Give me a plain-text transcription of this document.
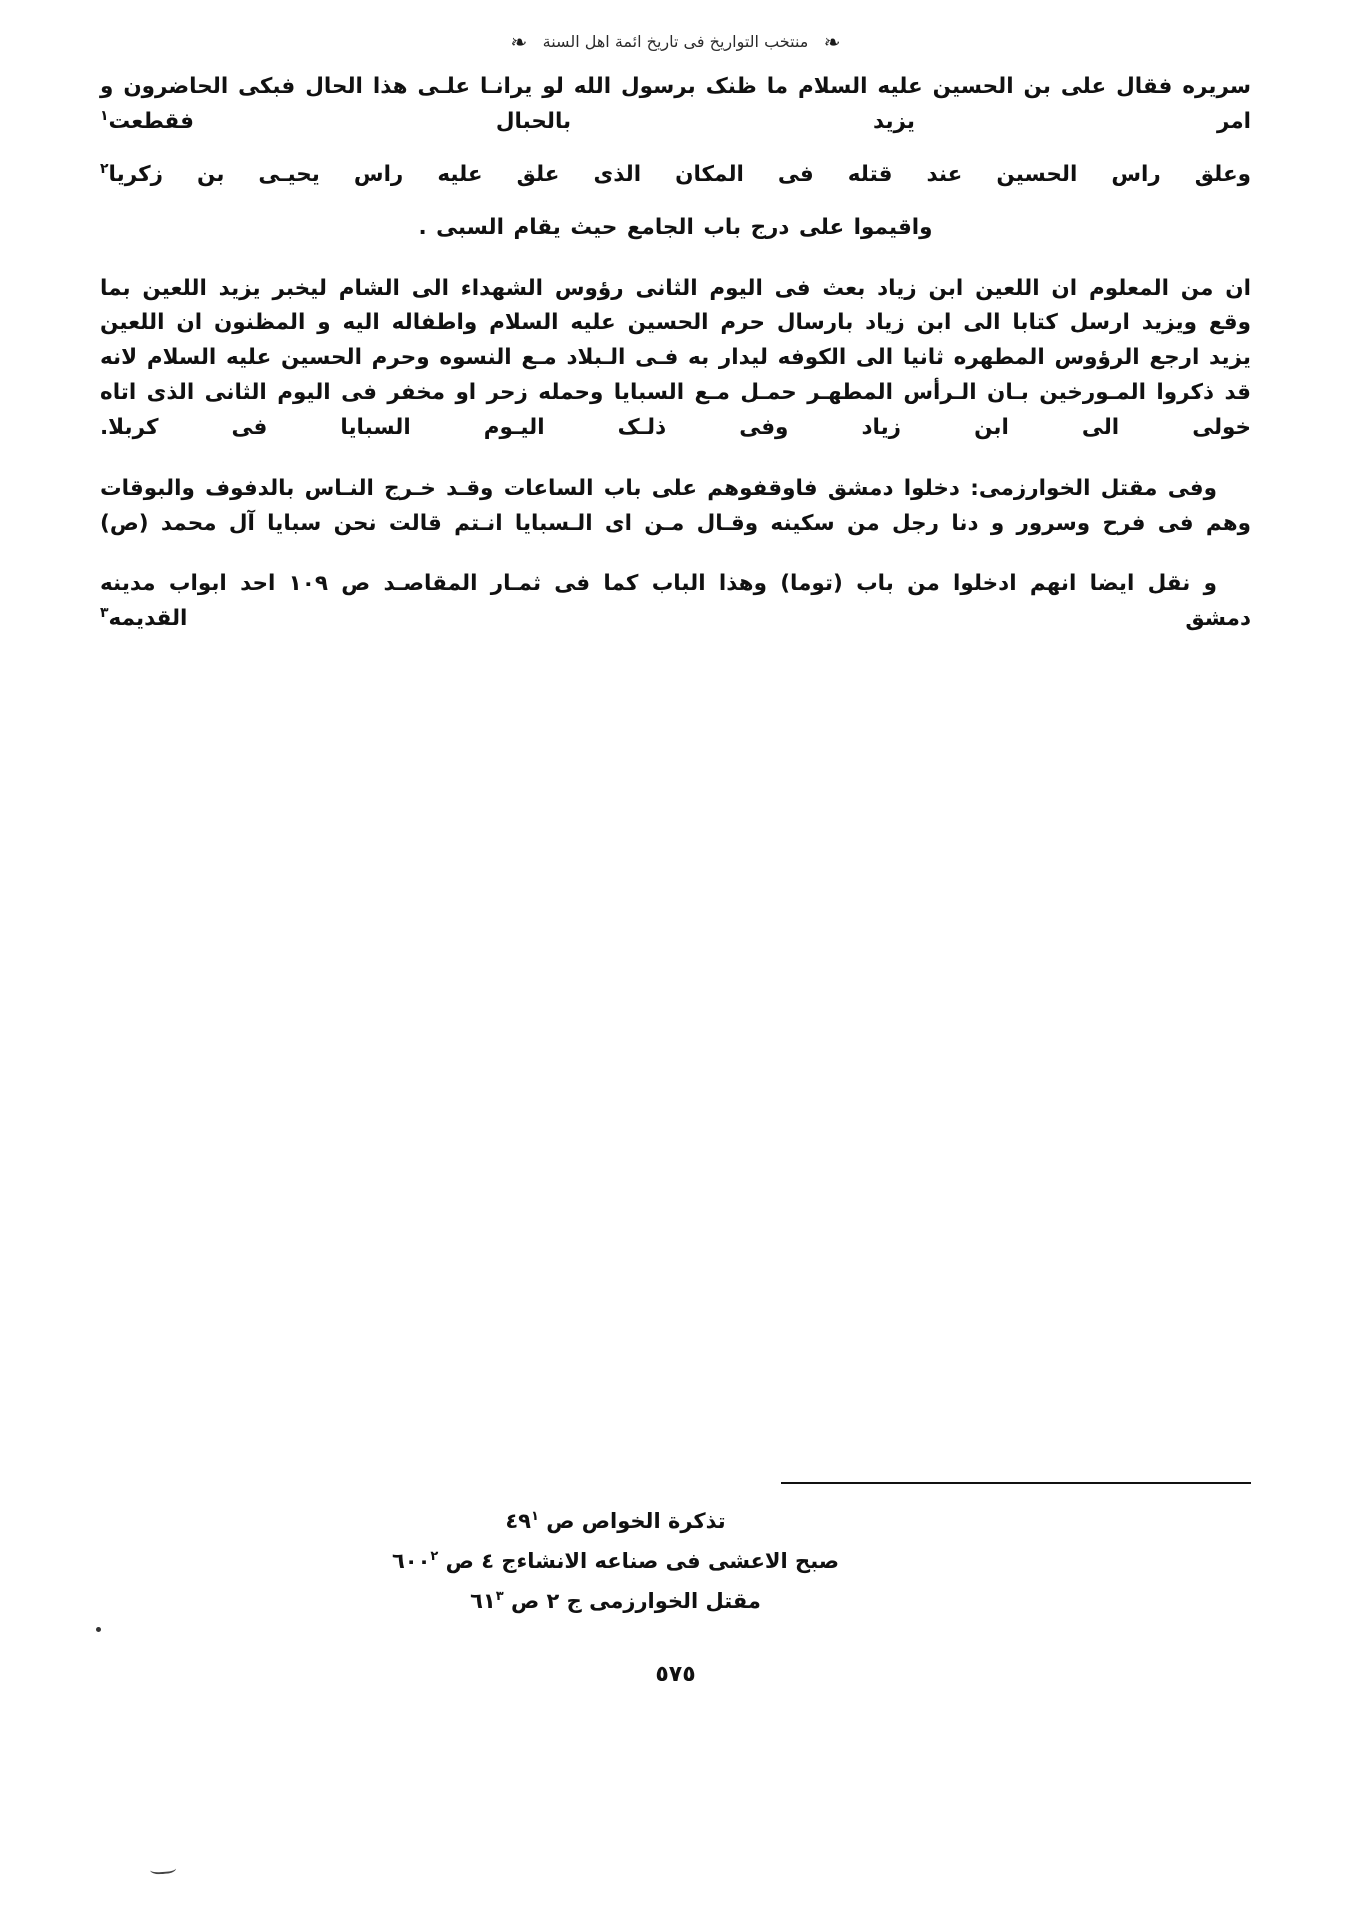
❧ منتخب التواريخ فى تاريخ ائمة اهل السنة ❧

سريره فقال على بن الحسين عليه السلام ما ظنک برسول الله لو يرانـا علـى هذا الحال فبكى الحاضرون و امر يزيد بالحبال فقطعت$^١$

وعلق راس الحسين عند قتله فى المكان الذى علق عليه راس يحيـى بن زكريا$^٢$

واقيموا على درج باب الجامع حيث يقام السبى .

ان من المعلوم ان اللعين ابن زياد بعث فى اليوم الثانى رؤوس الشهداء الى الشام ليخبر يزيد اللعين بما وقع ويزيد ارسل كتابا الى ابن زياد بارسال حرم الحسين عليه السلام واطفاله اليه و المظنون ان اللعين يزيد ارجع الرؤوس المطهره ثانيا الى الكوفه ليدار به فـى الـبلاد مـع النسوه وحرم الحسين عليه السلام لانه قد ذكروا المـورخين بـان الـرأس المطهـر حمـل مـع السبايا وحمله زحر او مخفر فى اليوم الثانى الذى اتاه خولى الى ابن زياد وفى ذلـک اليـوم السبايا فى كربلا.

وفى مقتل الخوارزمى: دخلوا دمشق فاوقفوهم على باب الساعات وقـد خـرج النـاس بالدفوف والبوقات وهم فى فرح وسرور و دنا رجل من سكينه وقـال مـن اى الـسبايا انـتم قالت نحن سبايا آل محمد (ص)

و نقل ايضا انهم ادخلوا من باب (توما) وهذا الباب كما فى ثمـار المقاصـد ص ١٠٩ احد ابواب مدينه دمشق القديمه$^٣$

تذكرة الخواص ص $٤٩^١$
صبح الاعشى فى صناعه الانشاءج ٤ ص $٦٠٠^٢$
مقتل الخوارزمى ج ٢ ص $٦١^٣$
٥٧٥
